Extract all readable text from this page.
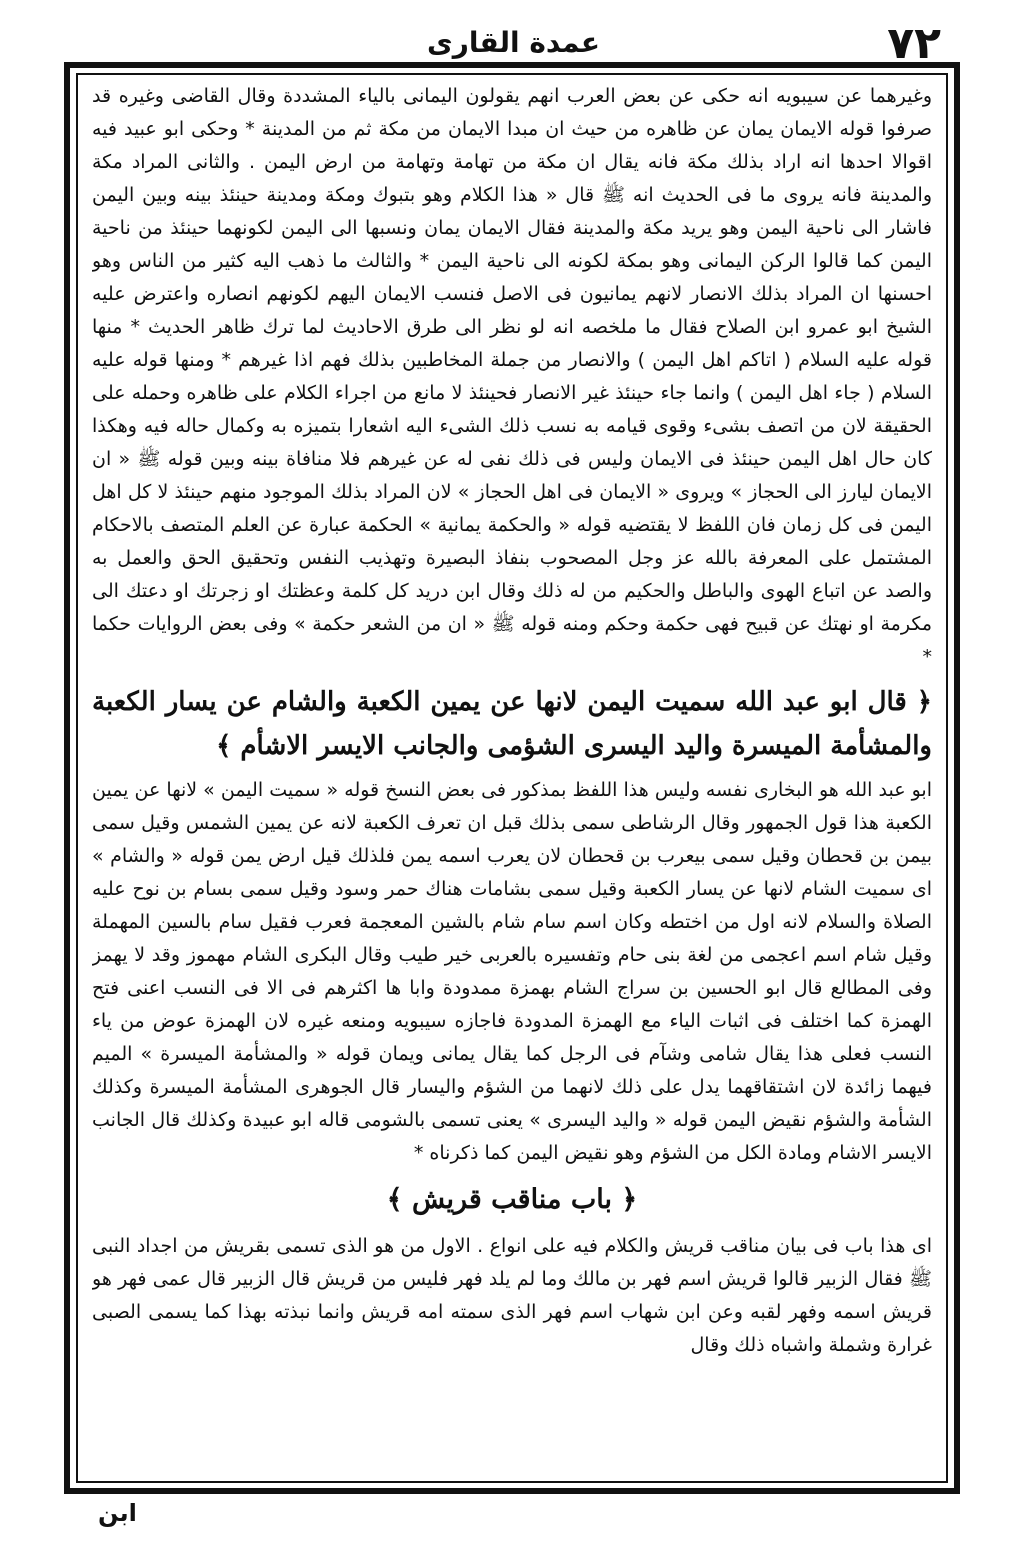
٧٢
عمدة القاری

وغیرهما عن سیبویه انه حکی عن بعض العرب انهم یقولون الیمانی بالیاء المشددة وقال القاضی وغیره قد صرفوا قوله الایمان یمان عن ظاهره من حیث ان مبدا الایمان من مکة ثم من المدینة * وحکی ابو عبید فیه اقوالا احدها انه اراد بذلك مکة فانه یقال ان مکة من تهامة وتهامة من ارض الیمن . والثانی المراد مکة والمدینة فانه یروی ما فی الحدیث انه ﷺ قال « هذا الکلام وهو بتبوك ومکة ومدینة حینئذ بینه وبین الیمن فاشار الی ناحیة الیمن وهو یرید مکة والمدینة فقال الایمان یمان ونسبها الی الیمن لکونهما حینئذ من ناحیة الیمن کما قالوا الرکن الیمانی وهو بمکة لکونه الی ناحیة الیمن * والثالث ما ذهب الیه کثیر من الناس وهو احسنها ان المراد بذلك الانصار لانهم یمانیون فی الاصل فنسب الایمان الیهم لکونهم انصاره واعترض علیه الشیخ ابو عمرو ابن الصلاح فقال ما ملخصه انه لو نظر الی طرق الاحادیث لما ترك ظاهر الحدیث * منها قوله علیه السلام ( اتاکم اهل الیمن ) والانصار من جملة المخاطبین بذلك فهم اذا غیرهم * ومنها قوله علیه السلام ( جاء اهل الیمن ) وانما جاء حینئذ غیر الانصار فحینئذ لا مانع من اجراء الکلام علی ظاهره وحمله علی الحقیقة لان من اتصف بشیء وقوی قیامه به نسب ذلك الشیء الیه اشعارا بتمیزه به وکمال حاله فیه وهکذا کان حال اهل الیمن حینئذ فی الایمان ولیس فی ذلك نفی له عن غیرهم فلا منافاة بینه وبین قوله ﷺ « ان الایمان لیارز الی الحجاز » ویروی « الایمان فی اهل الحجاز » لان المراد بذلك الموجود منهم حینئذ لا کل اهل الیمن فی کل زمان فان اللفظ لا یقتضیه قوله « والحکمة یمانیة » الحکمة عبارة عن العلم المتصف بالاحکام المشتمل علی المعرفة بالله عز وجل المصحوب بنفاذ البصیرة وتهذیب النفس وتحقیق الحق والعمل به والصد عن اتباع الهوی والباطل والحکیم من له ذلك وقال ابن درید کل کلمة وعظتك او زجرتك او دعتك الی مکرمة او نهتك عن قبیح فهی حکمة وحکم ومنه قوله ﷺ « ان من الشعر حکمة » وفی بعض الروایات حکما *

﴿ قال ابو عبد الله سمیت الیمن لانها عن یمین الکعبة والشام عن یسار الکعبة والمشأمة المیسرة والید الیسری الشؤمی والجانب الایسر الاشأم ﴾

ابو عبد الله هو البخاری نفسه ولیس هذا اللفظ بمذکور فی بعض النسخ قوله « سمیت الیمن » لانها عن یمین الکعبة هذا قول الجمهور وقال الرشاطی سمی بذلك قبل ان تعرف الکعبة لانه عن یمین الشمس وقیل سمی بیمن بن قحطان وقیل سمی بیعرب بن قحطان لان یعرب اسمه یمن فلذلك قیل ارض یمن قوله « والشام » ای سمیت الشام لانها عن یسار الکعبة وقیل سمی بشامات هناك حمر وسود وقیل سمی بسام بن نوح علیه الصلاة والسلام لانه اول من اختطه وکان اسم سام شام بالشین المعجمة فعرب فقیل سام بالسین المهملة وقیل شام اسم اعجمی من لغة بنی حام وتفسیره بالعربی خیر طیب وقال البکری الشام مهموز وقد لا یهمز وفی المطالع قال ابو الحسین بن سراج الشام بهمزة ممدودة وابا ها اکثرهم فی الا فی النسب اعنی فتح الهمزة کما اختلف فی اثبات الیاء مع الهمزة المدودة فاجازه سیبویه ومنعه غیره لان الهمزة عوض من یاء النسب فعلی هذا یقال شامی وشآم فی الرجل کما یقال یمانی ویمان قوله « والمشأمة المیسرة » المیم فیهما زائدة لان اشتقاقهما یدل علی ذلك لانهما من الشؤم والیسار قال الجوهری المشأمة المیسرة وکذلك الشأمة والشؤم نقیض الیمن قوله « والید الیسری » یعنی تسمی بالشومی قاله ابو عبیدة وکذلك قال الجانب الایسر الاشام ومادة الکل من الشؤم وهو نقیض الیمن کما ذکرناه *

﴿ باب مناقب قریش ﴾

ای هذا باب فی بیان مناقب قریش والکلام فیه علی انواع . الاول من هو الذی تسمی بقریش من اجداد النبی ﷺ فقال الزبیر قالوا قریش اسم فهر بن مالك وما لم یلد فهر فلیس من قریش قال الزبیر قال عمی فهر هو قریش اسمه وفهر لقبه وعن ابن شهاب اسم فهر الذی سمته امه قریش وانما نبذته بهذا کما یسمی الصبی غرارة وشملة واشباه ذلك وقال

ابن
